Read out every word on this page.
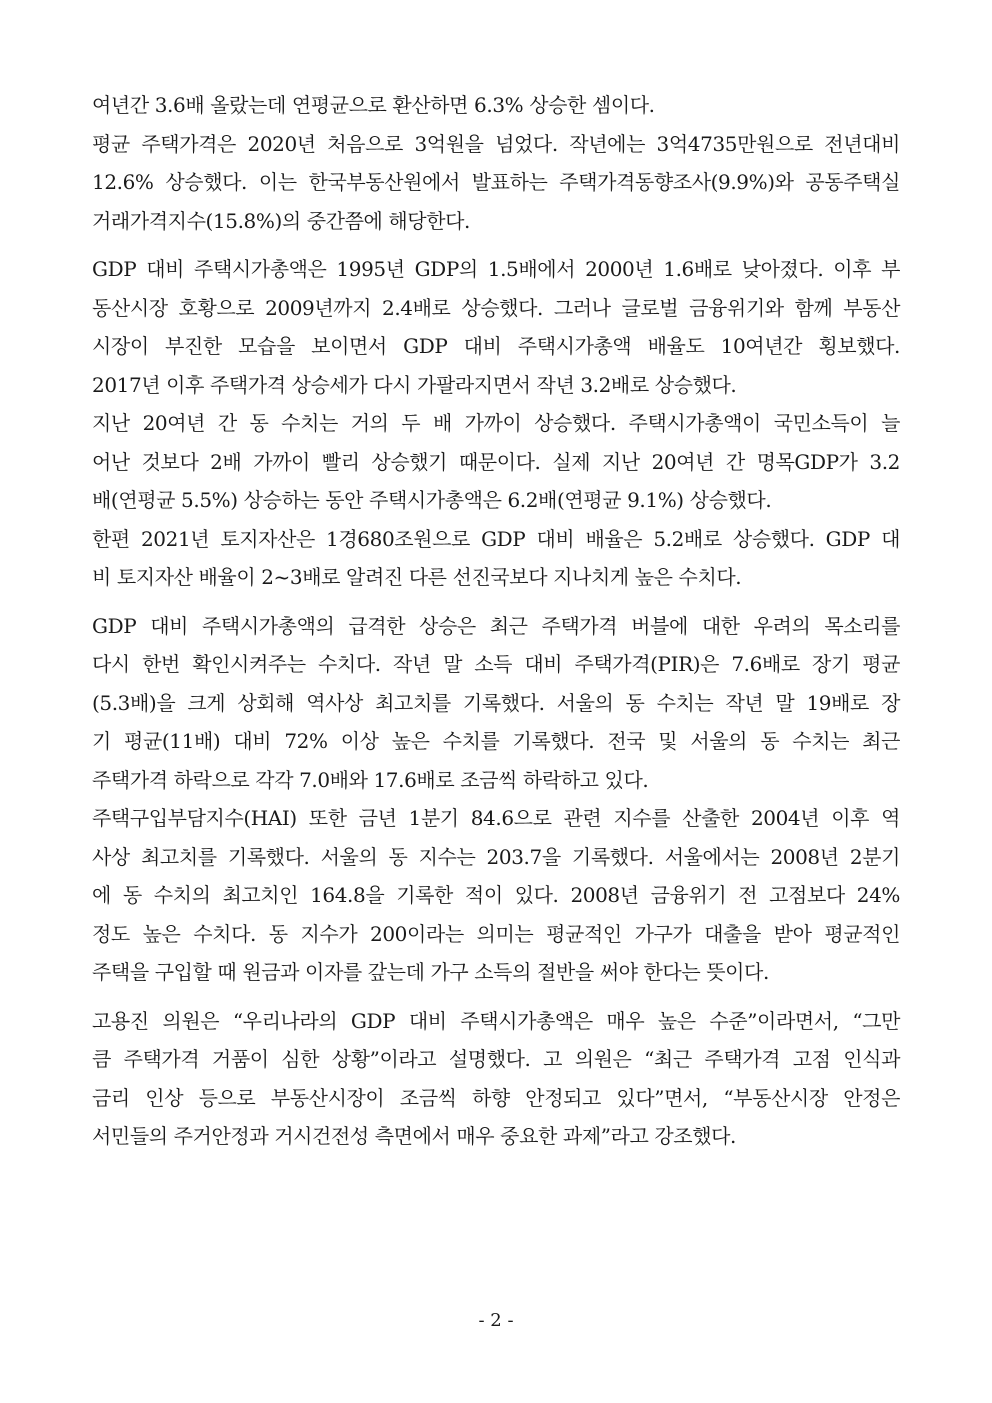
여년간 3.6배 올랐는데 연평균으로 환산하면 6.3% 상승한 셈이다.
평균 주택가격은 2020년 처음으로 3억원을 넘었다. 작년에는 3억4735만원으로 전년대비
12.6% 상승했다. 이는 한국부동산원에서 발표하는 주택가격동향조사(9.9%)와 공동주택실
거래가격지수(15.8%)의 중간쯤에 해당한다.
GDP 대비 주택시가총액은 1995년 GDP의 1.5배에서 2000년 1.6배로 낮아졌다. 이후 부
동산시장 호황으로 2009년까지 2.4배로 상승했다. 그러나 글로벌 금융위기와 함께 부동산
시장이 부진한 모습을 보이면서 GDP 대비 주택시가총액 배율도 10여년간 횡보했다.
2017년 이후 주택가격 상승세가 다시 가팔라지면서 작년 3.2배로 상승했다.
지난 20여년 간 동 수치는 거의 두 배 가까이 상승했다. 주택시가총액이 국민소득이 늘
어난 것보다 2배 가까이 빨리 상승했기 때문이다. 실제 지난 20여년 간 명목GDP가 3.2
배(연평균 5.5%) 상승하는 동안 주택시가총액은 6.2배(연평균 9.1%) 상승했다.
한편 2021년 토지자산은 1경680조원으로 GDP 대비 배율은 5.2배로 상승했다. GDP 대
비 토지자산 배율이 2~3배로 알려진 다른 선진국보다 지나치게 높은 수치다.
GDP 대비 주택시가총액의 급격한 상승은 최근 주택가격 버블에 대한 우려의 목소리를
다시 한번 확인시켜주는 수치다. 작년 말 소득 대비 주택가격(PIR)은 7.6배로 장기 평균
(5.3배)을 크게 상회해 역사상 최고치를 기록했다. 서울의 동 수치는 작년 말 19배로 장
기 평균(11배) 대비 72% 이상 높은 수치를 기록했다. 전국 및 서울의 동 수치는 최근
주택가격 하락으로 각각 7.0배와 17.6배로 조금씩 하락하고 있다.
주택구입부담지수(HAI) 또한 금년 1분기 84.6으로 관련 지수를 산출한 2004년 이후 역
사상 최고치를 기록했다. 서울의 동 지수는 203.7을 기록했다. 서울에서는 2008년 2분기
에 동 수치의 최고치인 164.8을 기록한 적이 있다. 2008년 금융위기 전 고점보다 24%
정도 높은 수치다. 동 지수가 200이라는 의미는 평균적인 가구가 대출을 받아 평균적인
주택을 구입할 때 원금과 이자를 갚는데 가구 소득의 절반을 써야 한다는 뜻이다.
고용진 의원은 “우리나라의 GDP 대비 주택시가총액은 매우 높은 수준”이라면서, “그만
큼 주택가격 거품이 심한 상황”이라고 설명했다. 고 의원은 “최근 주택가격 고점 인식과
금리 인상 등으로 부동산시장이 조금씩 하향 안정되고 있다”면서, “부동산시장 안정은
서민들의 주거안정과 거시건전성 측면에서 매우 중요한 과제”라고 강조했다.
- 2 -
